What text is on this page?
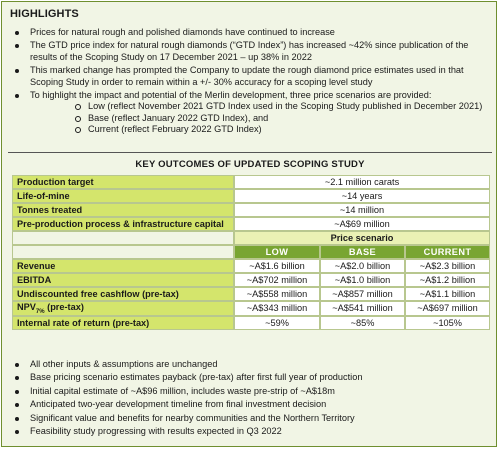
HIGHLIGHTS
Prices for natural rough and polished diamonds have continued to increase
The GTD price index for natural rough diamonds (“GTD Index”) has increased ~42% since publication of the results of the Scoping Study on 17 December 2021 – up 38% in 2022
This marked change has prompted the Company to update the rough diamond price estimates used in that Scoping Study in order to remain within a +/- 30% accuracy for a scoping level study
To highlight the impact and potential of the Merlin development, three price scenarios are provided:
Low (reflect November 2021 GTD Index used in the Scoping Study published in December 2021)
Base (reflect January 2022 GTD Index), and
Current (reflect February 2022 GTD Index)
KEY OUTCOMES OF UPDATED SCOPING STUDY
Production target	~2.1 million carats		
Life-of-mine	~14 years		
Tonnes treated	~14 million		
Pre-production process & infrastructure capital	~A$69 million		
	Price scenario		
	LOW	BASE	CURRENT
Revenue	~A$1.6 billion	~A$2.0 billion	~A$2.3 billion
EBITDA	~A$702 million	~A$1.0 billion	~A$1.2 billion
Undiscounted free cashflow (pre-tax)	~A$558 million	~A$857 million	~A$1.1 billion
$NPV_{7\%}$ (pre-tax)	~A$343 million	~A$541 million	~A$697 million
Internal rate of return (pre-tax)	~59%	~85%	~105%
All other inputs & assumptions are unchanged
Base pricing scenario estimates payback (pre-tax) after first full year of production
Initial capital estimate of ~A$96 million, includes waste pre-strip of ~A$18m
Anticipated two-year development timeline from final investment decision
Significant value and benefits for nearby communities and the Northern Territory
Feasibility study progressing with results expected in Q3 2022
